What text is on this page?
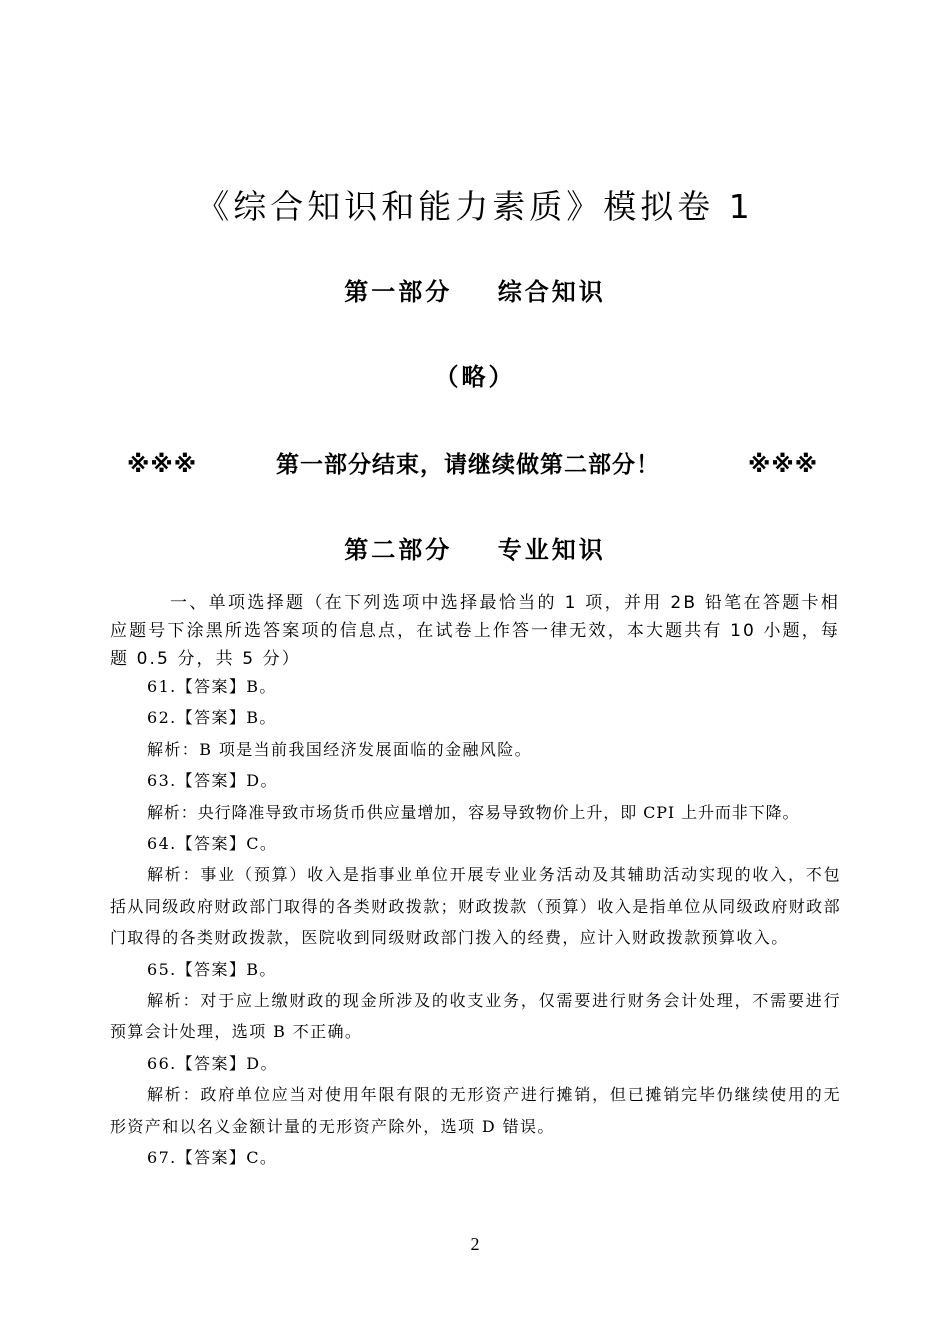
《综合知识和能力素质》模拟卷 1
第一部分    综合知识
（略）
※※※	第一部分结束，请继续做第二部分！	※※※
第二部分    专业知识
一、单项选择题（在下列选项中选择最恰当的 1 项，并用 2B 铅笔在答题卡相应题号下涂黑所选答案项的信息点，在试卷上作答一律无效，本大题共有 10 小题，每题 0.5 分，共 5 分）

61.【答案】B。

62.【答案】B。

解析：B 项是当前我国经济发展面临的金融风险。

63.【答案】D。

解析：央行降准导致市场货币供应量增加，容易导致物价上升，即 CPI 上升而非下降。

64.【答案】C。

解析：事业（预算）收入是指事业单位开展专业业务活动及其辅助活动实现的收入，不包括从同级政府财政部门取得的各类财政拨款；财政拨款（预算）收入是指单位从同级政府财政部门取得的各类财政拨款，医院收到同级财政部门拨入的经费，应计入财政拨款预算收入。

65.【答案】B。

解析：对于应上缴财政的现金所涉及的收支业务，仅需要进行财务会计处理，不需要进行预算会计处理，选项 B 不正确。

66.【答案】D。

解析：政府单位应当对使用年限有限的无形资产进行摊销，但已摊销完毕仍继续使用的无形资产和以名义金额计量的无形资产除外，选项 D 错误。

67.【答案】C。

2
